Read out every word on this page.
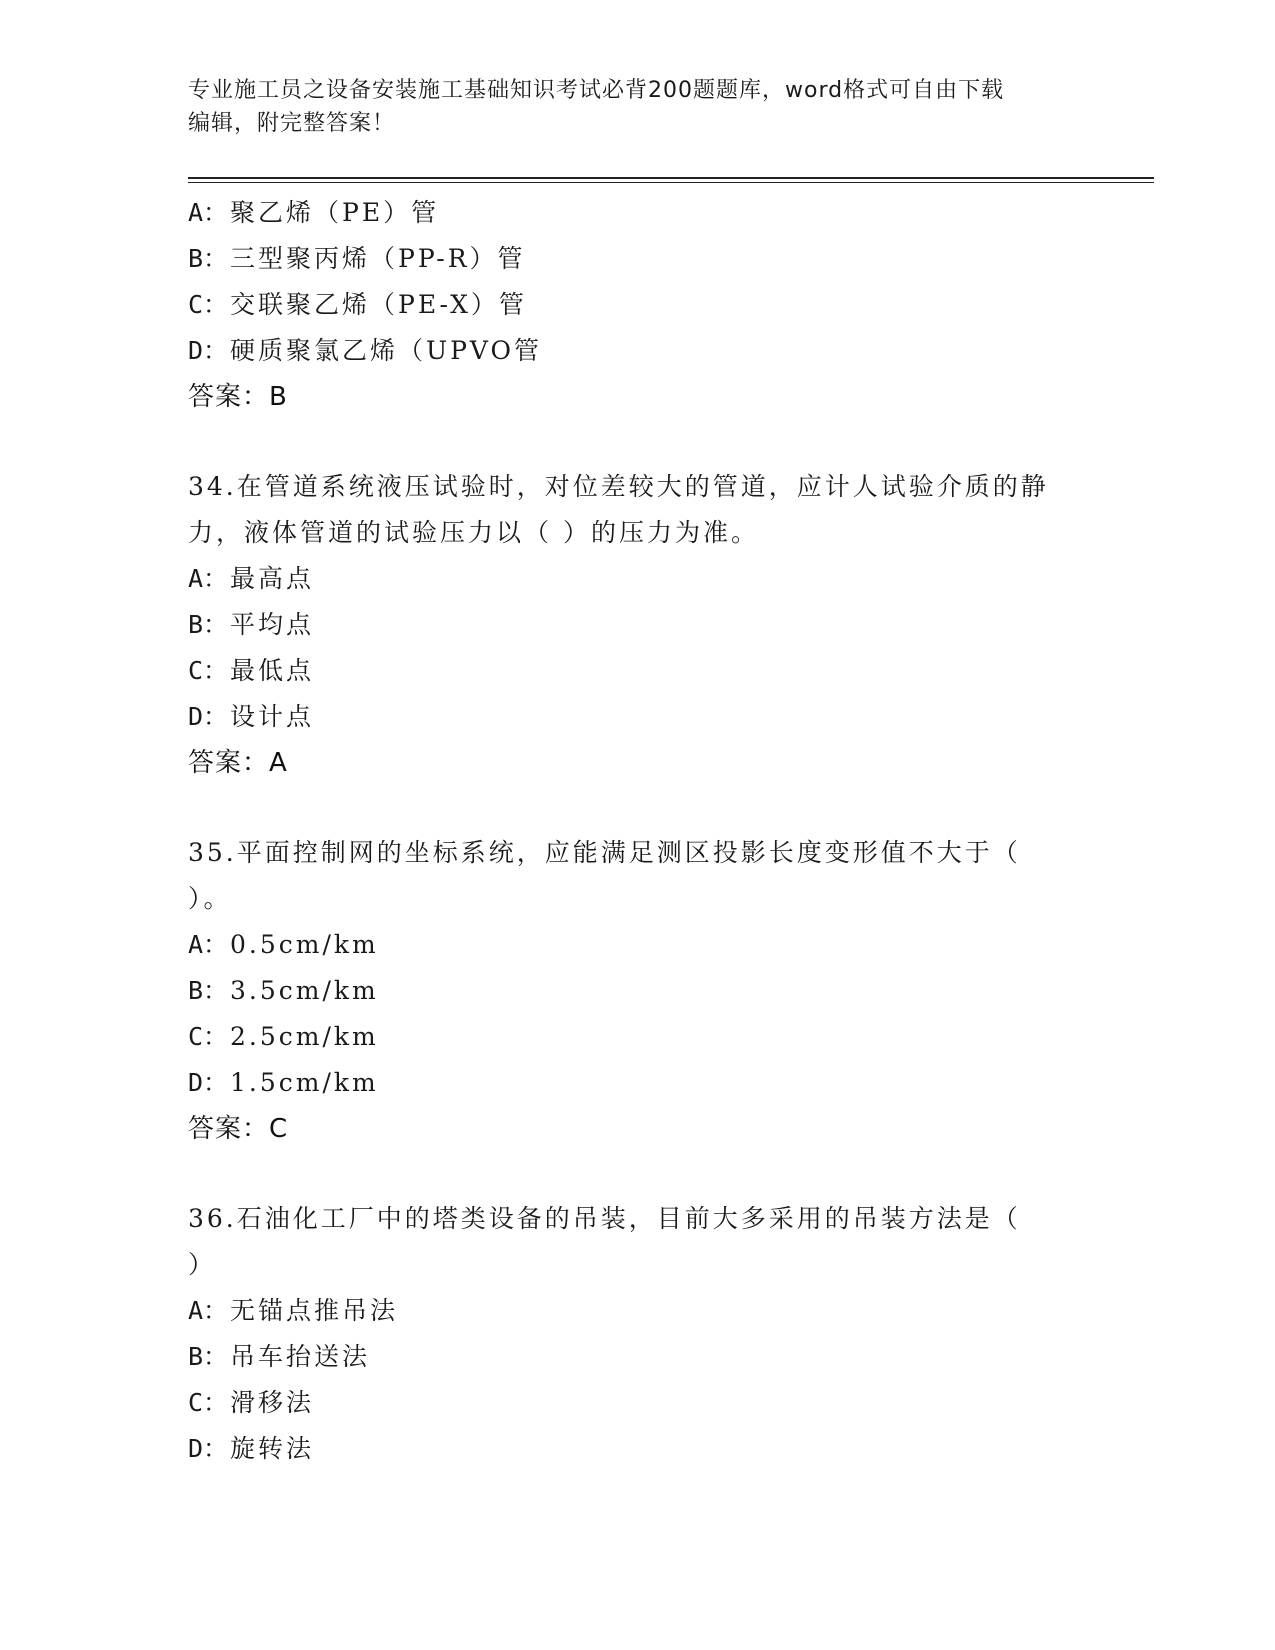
专业施工员之设备安装施工基础知识考试必背200题题库，word格式可自由下载
编辑，附完整答案！
A：聚乙烯（PE）管
B：三型聚丙烯（PP-R）管
C：交联聚乙烯（PE-X）管
D：硬质聚氯乙烯（UPVO管
答案：B
34.在管道系统液压试验时，对位差较大的管道，应计人试验介质的静
力，液体管道的试验压力以（ ）的压力为准。
A：最高点
B：平均点
C：最低点
D：设计点
答案：A
35.平面控制网的坐标系统，应能满足测区投影长度变形值不大于（
）。
A：0.5cm/km
B：3.5cm/km
C：2.5cm/km
D：1.5cm/km
答案：C
36.石油化工厂中的塔类设备的吊装，目前大多采用的吊装方法是（
）
A：无锚点推吊法
B：吊车抬送法
C：滑移法
D：旋转法
